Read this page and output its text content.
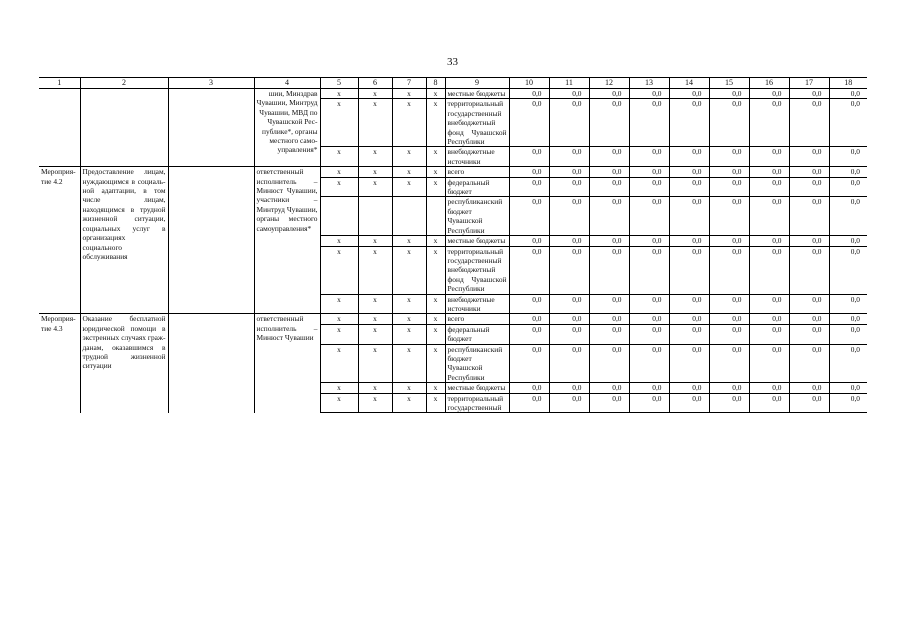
33
1	2	3	4	5	6	7	8	9	10	11	12	13	14	15	16	17	18
			шии, Минздрав Чувашии, Минтруд Чувашии, МВД по Чувашской Республике*, органы местного самоуправления*	х	х	х	х	местные бюджеты	0,0	0,0	0,0	0,0	0,0	0,0	0,0	0,0	0,0
				х	х	х	х	территориальный государственный внебюджетный фонд Чувашской Республики	0,0	0,0	0,0	0,0	0,0	0,0	0,0	0,0	0,0
				х	х	х	х	внебюджетные источники	0,0	0,0	0,0	0,0	0,0	0,0	0,0	0,0	0,0
Мероприятие 4.2	Предоставление лицам, нуждающимся в социальной адаптации, в том числе лицам, находящимся в трудной жизненной ситуации, социальных услуг в организациях социального обслуживания		ответственный исполнитель – Минюст Чувашии, участники – Минтруд Чувашии, органы местного самоуправления*	х	х	х	х	всего	0,0	0,0	0,0	0,0	0,0	0,0	0,0	0,0	0,0
				х	х	х	х	федеральный бюджет	0,0	0,0	0,0	0,0	0,0	0,0	0,0	0,0	0,0
								республиканский бюджет Чувашской Республики	0,0	0,0	0,0	0,0	0,0	0,0	0,0	0,0	0,0
				х	х	х	х	местные бюджеты	0,0	0,0	0,0	0,0	0,0	0,0	0,0	0,0	0,0
				х	х	х	х	территориальный государственный внебюджетный фонд Чувашской Республики	0,0	0,0	0,0	0,0	0,0	0,0	0,0	0,0	0,0
				х	х	х	х	внебюджетные источники	0,0	0,0	0,0	0,0	0,0	0,0	0,0	0,0	0,0
Мероприятие 4.3	Оказание бесплатной юридической помощи в экстренных случаях гражданам, оказавшимся в трудной жизненной ситуации		ответственный исполнитель – Минюст Чувашии	х	х	х	х	всего	0,0	0,0	0,0	0,0	0,0	0,0	0,0	0,0	0,0
				х	х	х	х	федеральный бюджет	0,0	0,0	0,0	0,0	0,0	0,0	0,0	0,0	0,0
				х	х	х	х	республиканский бюджет Чувашской Республики	0,0	0,0	0,0	0,0	0,0	0,0	0,0	0,0	0,0
				х	х	х	х	местные бюджеты	0,0	0,0	0,0	0,0	0,0	0,0	0,0	0,0	0,0
				х	х	х	х	территориальный государственный	0,0	0,0	0,0	0,0	0,0	0,0	0,0	0,0	0,0
